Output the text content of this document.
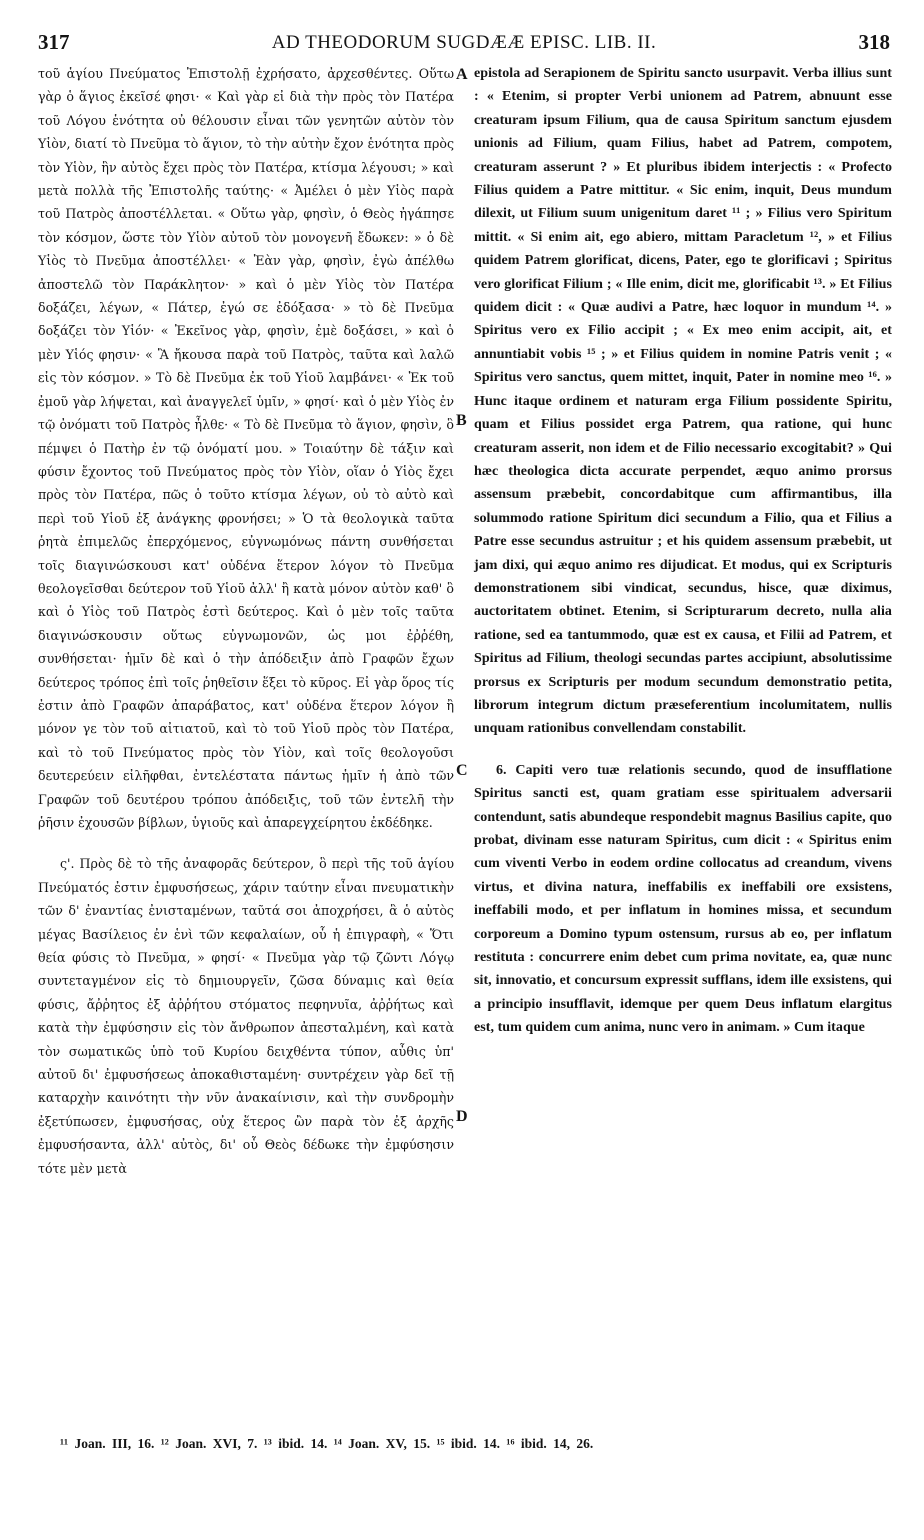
317	AD THEODORUM SUGDÆÆ EPISC. LIB. II.	318

τοῦ ἁγίου Πνεύματος Ἐπιστολῇ ἐχρήσατο, ἀρχεσθέντες. Οὕτω γὰρ ὁ ἅγιος ἐκεῖσέ φησι· « Καὶ γὰρ εἰ διὰ τὴν πρὸς τὸν Πατέρα τοῦ Λόγου ἑνότητα οὐ θέλουσιν εἶναι τῶν γενητῶν αὐτὸν τὸν Υἱὸν, διατί τὸ Πνεῦμα τὸ ἅγιον, τὸ τὴν αὐτὴν ἔχον ἑνότητα πρὸς τὸν Υἱὸν, ἣν αὐτὸς ἔχει πρὸς τὸν Πατέρα, κτίσμα λέγουσι; » καὶ μετὰ πολλὰ τῆς Ἐπιστολῆς ταύτης· « Ἀμέλει ὁ μὲν Υἱὸς παρὰ τοῦ Πατρὸς ἀποστέλλεται. « Οὕτω γὰρ, φησὶν, ὁ Θεὸς ἠγάπησε τὸν κόσμον, ὥστε τὸν Υἱὸν αὐτοῦ τὸν μονογενῆ ἔδωκεν: » ὁ δὲ Υἱὸς τὸ Πνεῦμα ἀποστέλλει· « Ἐὰν γὰρ, φησὶν, ἐγὼ ἀπέλθω ἀποστελῶ τὸν Παράκλητον· » καὶ ὁ μὲν Υἱὸς τὸν Πατέρα δοξάζει, λέγων, « Πάτερ, ἐγώ σε ἐδόξασα· » τὸ δὲ Πνεῦμα δοξάζει τὸν Υἱόν· « Ἐκεῖνος γὰρ, φησὶν, ἐμὲ δοξάσει, » καὶ ὁ μὲν Υἱός φησιν· « Ἃ ἤκουσα παρὰ τοῦ Πατρὸς, ταῦτα καὶ λαλῶ εἰς τὸν κόσμον. » Τὸ δὲ Πνεῦμα ἐκ τοῦ Υἱοῦ λαμβάνει· « Ἐκ τοῦ ἐμοῦ γὰρ λήψεται, καὶ ἀναγγελεῖ ὑμῖν, » φησί· καὶ ὁ μὲν Υἱὸς ἐν τῷ ὀνόματι τοῦ Πατρὸς ἦλθε· « Τὸ δὲ Πνεῦμα τὸ ἅγιον, φησὶν, ὃ πέμψει ὁ Πατὴρ ἐν τῷ ὀνόματί μου. » Τοιαύτην δὲ τάξιν καὶ φύσιν ἔχοντος τοῦ Πνεύματος πρὸς τὸν Υἱὸν, οἵαν ὁ Υἱὸς ἔχει πρὸς τὸν Πατέρα, πῶς ὁ τοῦτο κτίσμα λέγων, οὐ τὸ αὐτὸ καὶ περὶ τοῦ Υἱοῦ ἐξ ἀνάγκης φρονήσει; » Ὁ τὰ θεολογικὰ ταῦτα ῥητὰ ἐπιμελῶς ἐπερχόμενος, εὐγνωμόνως πάντη συνθήσεται τοῖς διαγινώσκουσι κατ' οὐδένα ἕτερον λόγον τὸ Πνεῦμα θεολογεῖσθαι δεύτερον τοῦ Υἱοῦ ἀλλ' ἢ κατὰ μόνον αὐτὸν καθ' ὃ καὶ ὁ Υἱὸς τοῦ Πατρὸς ἐστὶ δεύτερος. Καὶ ὁ μὲν τοῖς ταῦτα διαγινώσκουσιν οὕτως εὐγνωμονῶν, ὡς μοι ἐῤῥέθη, συνθήσεται· ἡμῖν δὲ καὶ ὁ τὴν ἀπόδειξιν ἀπὸ Γραφῶν ἔχων δεύτερος τρόπος ἐπὶ τοῖς ῥηθεῖσιν ἕξει τὸ κῦρος. Εἰ γὰρ ὅρος τίς ἐστιν ἀπὸ Γραφῶν ἀπαράβατος, κατ' οὐδένα ἕτερον λόγον ἢ μόνον γε τὸν τοῦ αἰτιατοῦ, καὶ τὸ τοῦ Υἱοῦ πρὸς τὸν Πατέρα, καὶ τὸ τοῦ Πνεύματος πρὸς τὸν Υἱὸν, καὶ τοῖς θεολογοῦσι δευτερεύειν εἰλῆφθαι, ἐντελέστατα πάντως ἡμῖν ἡ ἀπὸ τῶν Γραφῶν τοῦ δευτέρου τρόπου ἀπόδειξις, τοῦ τῶν ἐντελῆ τὴν ῥῆσιν ἐχουσῶν βίβλων, ὑγιοῦς καὶ ἀπαρεγχείρητου ἐκδέδηκε.

ς'. Πρὸς δὲ τὸ τῆς ἀναφορᾶς δεύτερον, ὃ περὶ τῆς τοῦ ἁγίου Πνεύματός ἐστιν ἐμφυσήσεως, χάριν ταύτην εἶναι πνευματικὴν τῶν δ' ἐναντίας ἐνισταμένων, ταῦτά σοι ἀποχρήσει, ἃ ὁ αὐτὸς μέγας Βασίλειος ἐν ἑνὶ τῶν κεφαλαίων, οὗ ἡ ἐπιγραφὴ, « Ὅτι θεία φύσις τὸ Πνεῦμα, » φησί· « Πνεῦμα γὰρ τῷ ζῶντι Λόγῳ συντεταγμένον εἰς τὸ δημιουργεῖν, ζῶσα δύναμις καὶ θεία φύσις, ἄῤῥητος ἐξ ἀῤῥήτου στόματος πεφηνυῖα, ἀῤῥήτως καὶ κατὰ τὴν ἐμφύσησιν εἰς τὸν ἄνθρωπον ἀπεσταλμένη, καὶ κατὰ τὸν σωματικῶς ὑπὸ τοῦ Κυρίου δειχθέντα τύπον, αὖθις ὑπ' αὐτοῦ δι' ἐμφυσήσεως ἀποκαθισταμένη· συντρέχειν γὰρ δεῖ τῇ καταρχὴν καινότητι τὴν νῦν ἀνακαίνισιν, καὶ τὴν συνδρομὴν ἐξετύπωσεν, ἐμφυσήσας, οὐχ ἕτερος ὢν παρὰ τὸν ἐξ ἀρχῆς ἐμφυσήσαντα, ἀλλ' αὐτὸς, δι' οὗ Θεὸς δέδωκε τὴν ἐμφύσησιν τότε μὲν μετὰ

A
B
C
D

epistola ad Serapionem de Spiritu sancto usurpavit. Verba illius sunt : « Etenim, si propter Verbi unionem ad Patrem, abnuunt esse creaturam ipsum Filium, qua de causa Spiritum sanctum ejusdem unionis ad Filium, quam Filius, habet ad Patrem, compotem, creaturam asserunt ? » Et pluribus ibidem interjectis : « Profecto Filius quidem a Patre mittitur. « Sic enim, inquit, Deus mundum dilexit, ut Filium suum unigenitum daret ¹¹ ; » Filius vero Spiritum mittit. « Si enim ait, ego abiero, mittam Paracletum ¹², » et Filius quidem Patrem glorificat, dicens, Pater, ego te glorificavi ; Spiritus vero glorificat Filium ; « Ille enim, dicit me, glorificabit ¹³. » Et Filius quidem dicit : « Quæ audivi a Patre, hæc loquor in mundum ¹⁴. » Spiritus vero ex Filio accipit ; « Ex meo enim accipit, ait, et annuntiabit vobis ¹⁵ ; » et Filius quidem in nomine Patris venit ; « Spiritus vero sanctus, quem mittet, inquit, Pater in nomine meo ¹⁶. » Hunc itaque ordinem et naturam erga Filium possidente Spiritu, quam et Filius possidet erga Patrem, qua ratione, qui hunc creaturam asserit, non idem et de Filio necessario excogitabit? » Qui hæc theologica dicta accurate perpendet, æquo animo prorsus assensum præbebit, concordabitque cum affirmantibus, illa solummodo ratione Spiritum dici secundum a Filio, qua et Filius a Patre esse secundus astruitur ; et his quidem assensum præbebit, ut jam dixi, qui æquo animo res dijudicat. Et modus, qui ex Scripturis demonstrationem sibi vindicat, secundus, hisce, quæ diximus, auctoritatem obtinet. Etenim, si Scripturarum decreto, nulla alia ratione, sed ea tantummodo, quæ est ex causa, et Filii ad Patrem, et Spiritus ad Filium, theologi secundas partes accipiunt, absolutissime prorsus ex Scripturis per modum secundum demonstratio petita, librorum integrum dictum præseferentium incolumitatem, nullis unquam rationibus convellendam constabilit.

6. Capiti vero tuæ relationis secundo, quod de insufflatione Spiritus sancti est, quam gratiam esse spiritualem adversarii contendunt, satis abundeque respondebit magnus Basilius capite, quo probat, divinam esse naturam Spiritus, cum dicit : « Spiritus enim cum viventi Verbo in eodem ordine collocatus ad creandum, vivens virtus, et divina natura, ineffabilis ex ineffabili ore exsistens, ineffabili modo, et per inflatum in homines missa, et secundum corporeum a Domino typum ostensum, rursus ab eo, per inflatum restituta : concurrere enim debet cum prima novitate, ea, quæ nunc sit, innovatio, et concursum expressit sufflans, idem ille exsistens, qui a principio insufflavit, idemque per quem Deus inflatum elargitus est, tum quidem cum anima, nunc vero in animam. » Cum itaque

¹¹ Joan. III, 16. ¹² Joan. XVI, 7. ¹³ ibid. 14. ¹⁴ Joan. XV, 15. ¹⁵ ibid. 14. ¹⁶ ibid. 14, 26.
